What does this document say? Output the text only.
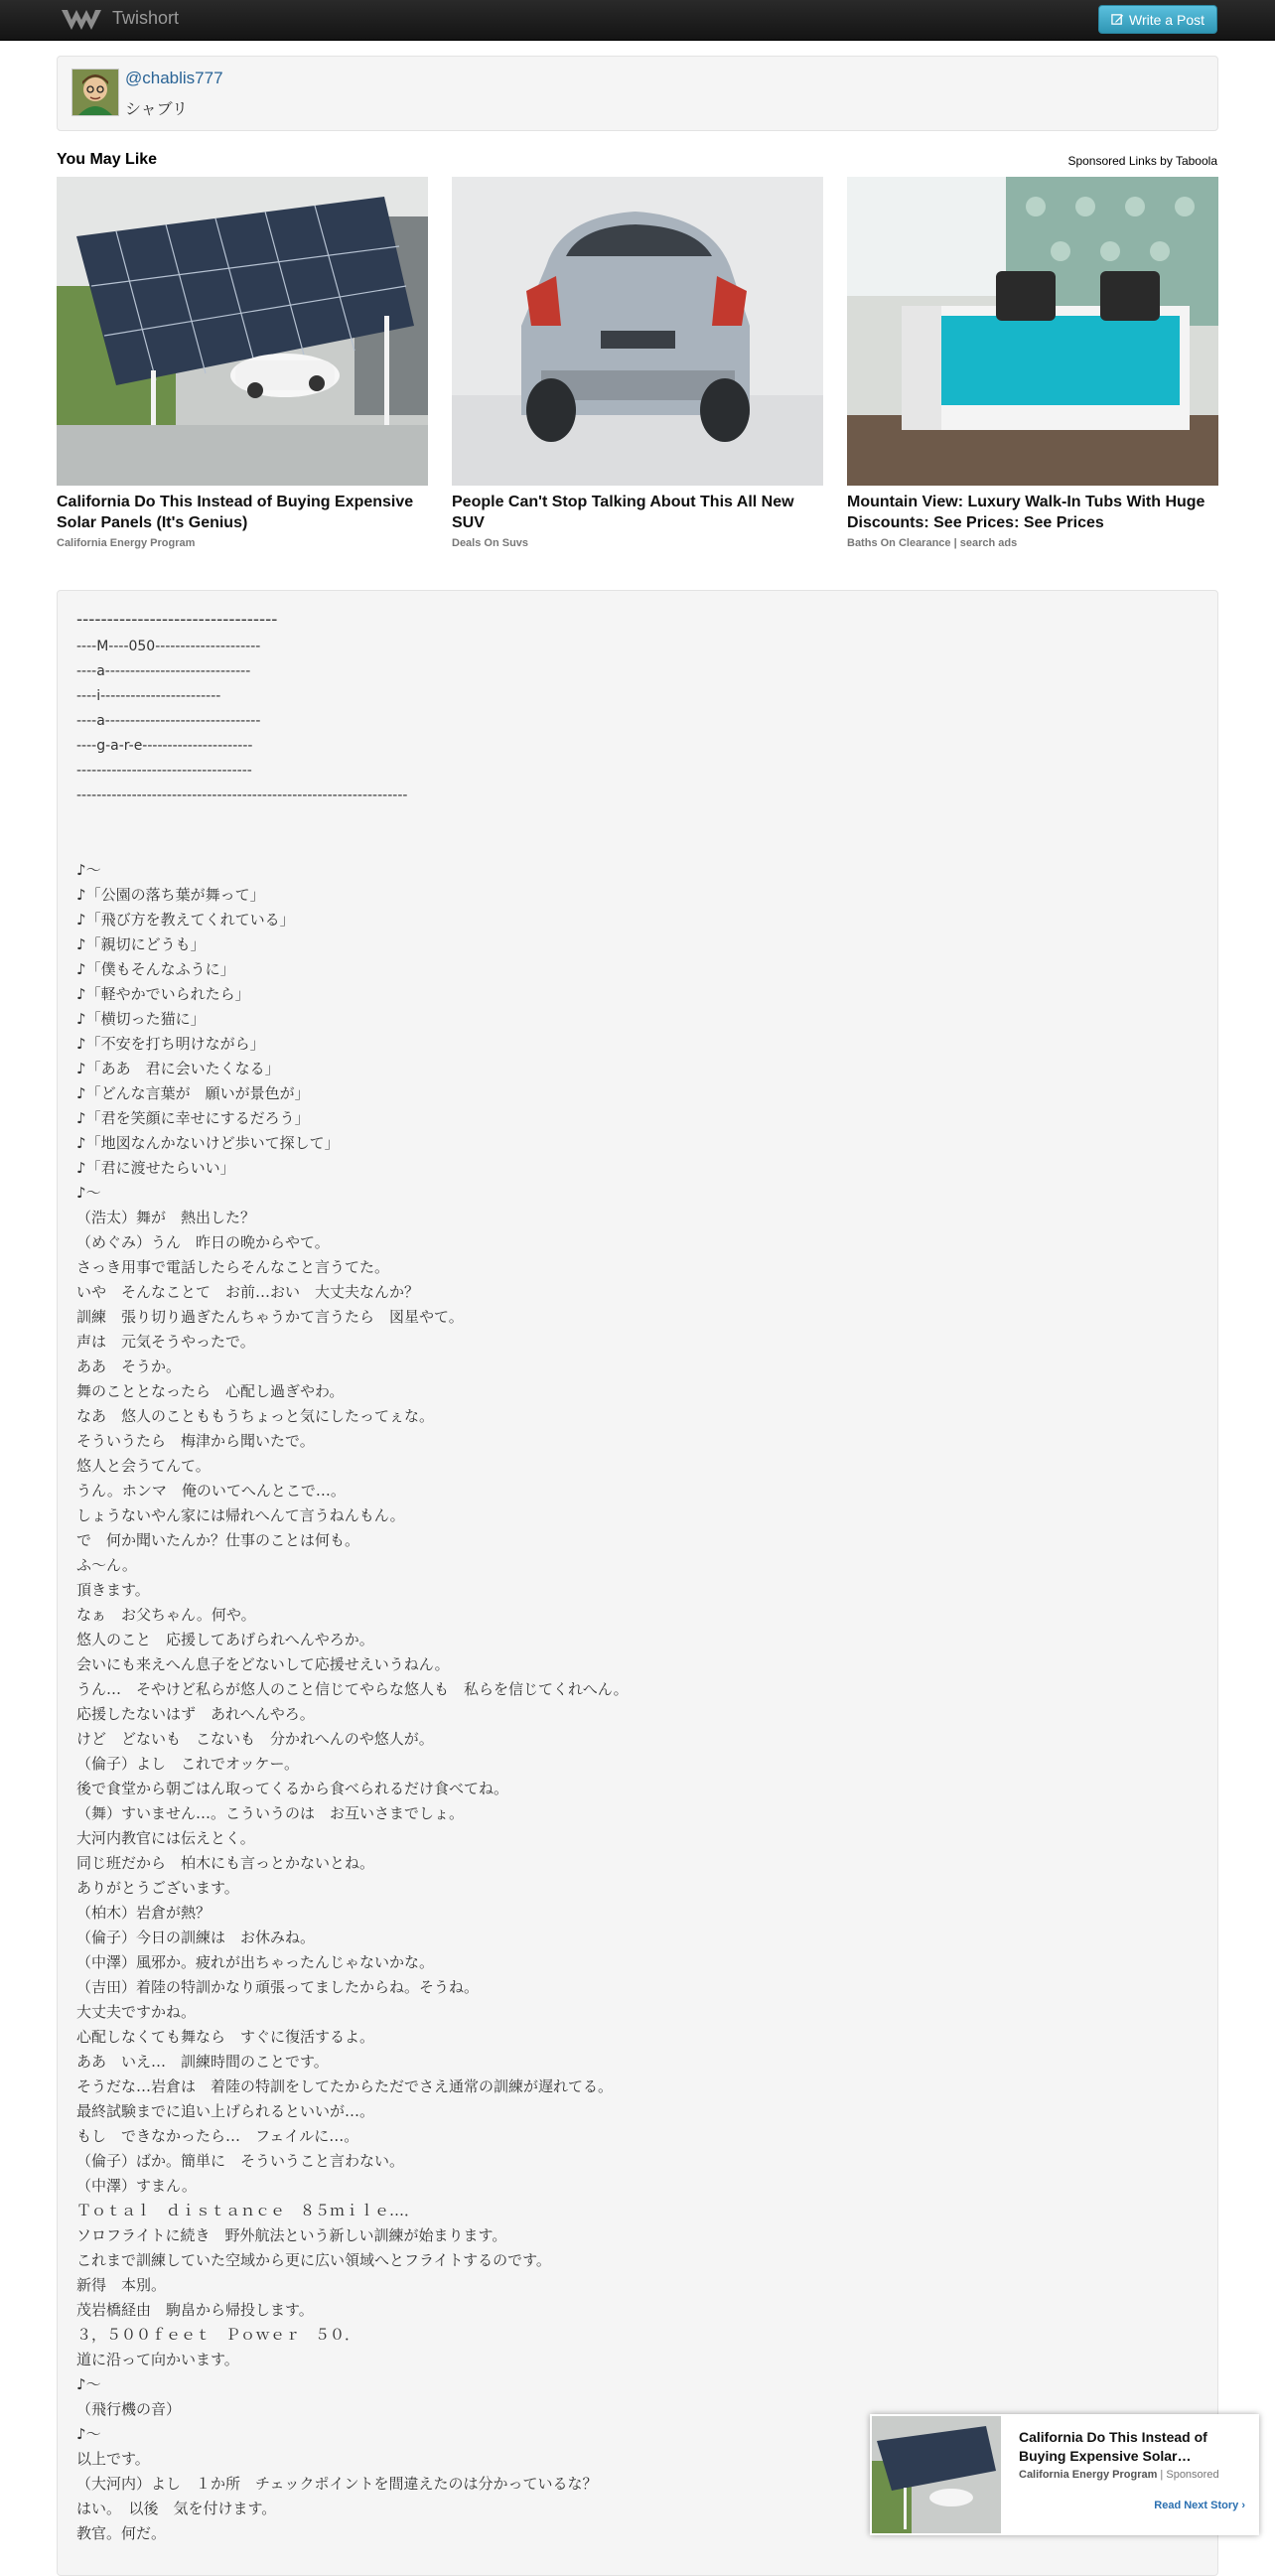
Twishort	Write a Post
@chablis777
シャブリ
You May Like	Sponsored Links by Taboola
California Do This Instead of Buying Expensive Solar Panels (It's Genius)
California Energy Program
People Can't Stop Talking About This All New SUV
Deals On Suvs
Mountain View: Luxury Walk-In Tubs With Huge Discounts: See Prices: See Prices
Baths On Clearance | search ads
---------------------------------
----M----050---------------------
----a-----------------------------
----i------------------------
----a-------------------------------
----g-a-r-e----------------------
-----------------------------------
------------------------------------------------------------------
♪～
♪「公園の落ち葉が舞って」
♪「飛び方を教えてくれている」
♪「親切にどうも」
♪「僕もそんなふうに」
♪「軽やかでいられたら」
♪「横切った猫に」
♪「不安を打ち明けながら」
♪「ああ　君に会いたくなる」
♪「どんな言葉が　願いが景色が」
♪「君を笑顔に幸せにするだろう」
♪「地図なんかないけど歩いて探して」
♪「君に渡せたらいい」
♪～
（浩太）舞が　熱出した？
（めぐみ）うん　昨日の晩からやて。
さっき用事で電話したらそんなこと言うてた。
いや　そんなことて　お前…おい　大丈夫なんか？
訓練　張り切り過ぎたんちゃうかて言うたら　図星やて。
声は　元気そうやったで。
ああ　そうか。
舞のこととなったら　心配し過ぎやわ。
なあ　悠人のことももうちょっと気にしたってぇな。
そういうたら　梅津から聞いたで。
悠人と会うてんて。
うん。ホンマ　俺のいてへんとこで…。
しょうないやん家には帰れへんて言うねんもん。
で　何か聞いたんか？仕事のことは何も。
ふ～ん。
頂きます。
なぁ　お父ちゃん。何や。
悠人のこと　応援してあげられへんやろか。
会いにも来えへん息子をどないして応援せえいうねん。
うん…　そやけど私らが悠人のこと信じてやらな悠人も　私らを信じてくれへん。
応援したないはず　あれへんやろ。
けど　どないも　こないも　分かれへんのや悠人が。
（倫子）よし　これでオッケー。
後で食堂から朝ごはん取ってくるから食べられるだけ食べてね。
（舞）すいません…。こういうのは　お互いさまでしょ。
大河内教官には伝えとく。
同じ班だから　柏木にも言っとかないとね。
ありがとうございます。
（柏木）岩倉が熱？
（倫子）今日の訓練は　お休みね。
（中澤）風邪か。疲れが出ちゃったんじゃないかな。
（吉田）着陸の特訓かなり頑張ってましたからね。そうね。
大丈夫ですかね。
心配しなくても舞なら　すぐに復活するよ。
ああ　いえ…　訓練時間のことです。
そうだな…岩倉は　着陸の特訓をしてたからただでさえ通常の訓練が遅れてる。
最終試験までに追い上げられるといいが…。
もし　できなかったら…　フェイルに…。
（倫子）ばか。簡単に　そういうこと言わない。
（中澤）すまん。
Ｔｏｔａｌ　ｄｉｓｔａｎｃｅ　８５ｍｉｌｅ…．
ソロフライトに続き　野外航法という新しい訓練が始まります。
これまで訓練していた空域から更に広い領域へとフライトするのです。
新得　本別。
茂岩橋経由　駒畠から帰投します。
３，５００ｆｅｅｔ　Ｐｏｗｅｒ　５０．
道に沿って向かいます。
♪～
（飛行機の音）
♪～
以上です。
（大河内）よし　１か所　チェックポイントを間違えたのは分かっているな？
はい。　以後　気を付けます。
教官。何だ。
California Do This Instead of Buying Expensive Solar…
California Energy Program | Sponsored
Read Next Story ›
